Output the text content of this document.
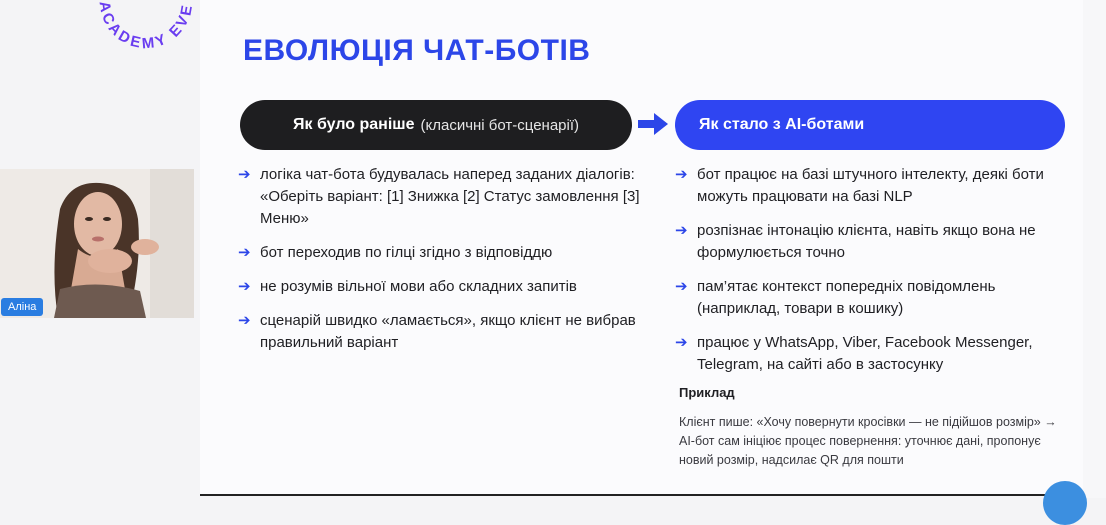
ACADEMY EVE
ЕВОЛЮЦІЯ ЧАТ-БОТІВ
Як було раніше (класичні бот-сценарії)	Як стало з AI-ботами
➔ логіка чат-бота будувалась наперед заданих діалогів: «Оберіть варіант: [1] Знижка [2] Статус замовлення [3] Меню»
➔ бот переходив по гілці згідно з відповіддю
➔ не розумів вільної мови або складних запитів
➔ сценарій швидко «ламається», якщо клієнт не вибрав правильний варіант
➔ бот працює на базі штучного інтелекту, деякі боти можуть працювати на базі NLP
➔ розпізнає інтонацію клієнта, навіть якщо вона не формулюється точно
➔ пам’ятає контекст попередніх повідомлень (наприклад, товари в кошику)
➔ працює у WhatsApp, Viber, Facebook Messenger, Telegram, на сайті або в застосунку

Приклад

Клієнт пише: «Хочу повернути кросівки — не підійшов розмір» → AI-бот сам ініціює процес повернення: уточнює дані, пропонує новий розмір, надсилає QR для пошти

Аліна
